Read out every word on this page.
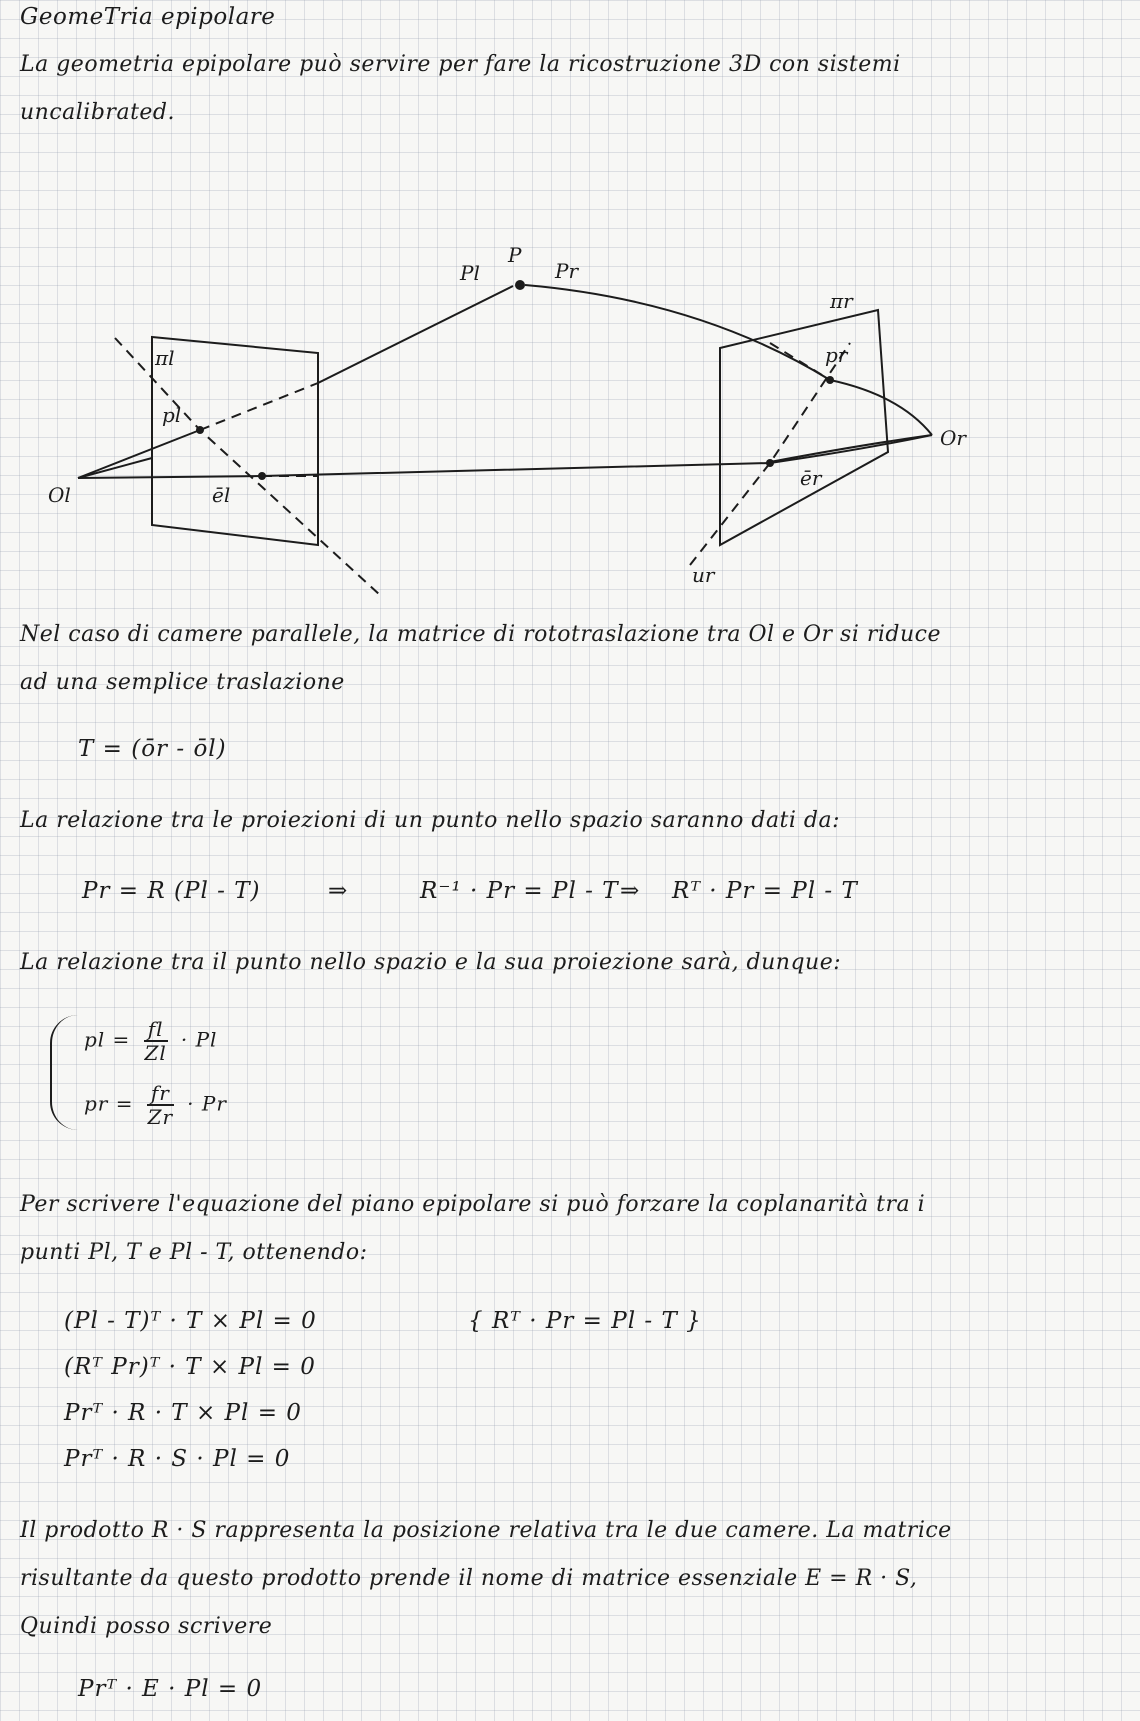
GeomeTria epipolare
La geometria epipolare può servire per fare la ricostruzione 3D con sistemi
uncalibrated.
P
Pl	Pr
πl
πr
pl
pr
Ol
Or
ēl
ēr
ur
Nel caso di camere parallele, la matrice di rototraslazione tra Ol e Or si riduce
ad una semplice traslazione
T = (ōr - ōl)
La relazione tra le proiezioni di un punto nello spazio saranno dati da:
Pr = R (Pl - T)	⇒	R⁻¹ · Pr = Pl - T ⇒ Rᵀ · Pr = Pl - T
La relazione tra il punto nello spazio e la sua proiezione sarà, dunque:
pl = $\frac{fl}{Zl} \cdot Pl$
pr = $\frac{fr}{Zr} \cdot Pr$
Per scrivere l'equazione del piano epipolare si può forzare la coplanarità tra i
punti Pl, T e Pl - T, ottenendo:
(Pl - T)ᵀ · T × Pl = 0
(Rᵀ Pr)ᵀ · T × Pl = 0
Prᵀ · R · T × Pl = 0
Prᵀ · R · S · Pl = 0
{ Rᵀ · Pr = Pl - T }
Il prodotto R · S rappresenta la posizione relativa tra le due camere. La matrice
risultante da questo prodotto prende il nome di matrice essenziale E = R · S,
Quindi posso scrivere
Prᵀ · E · Pl = 0
